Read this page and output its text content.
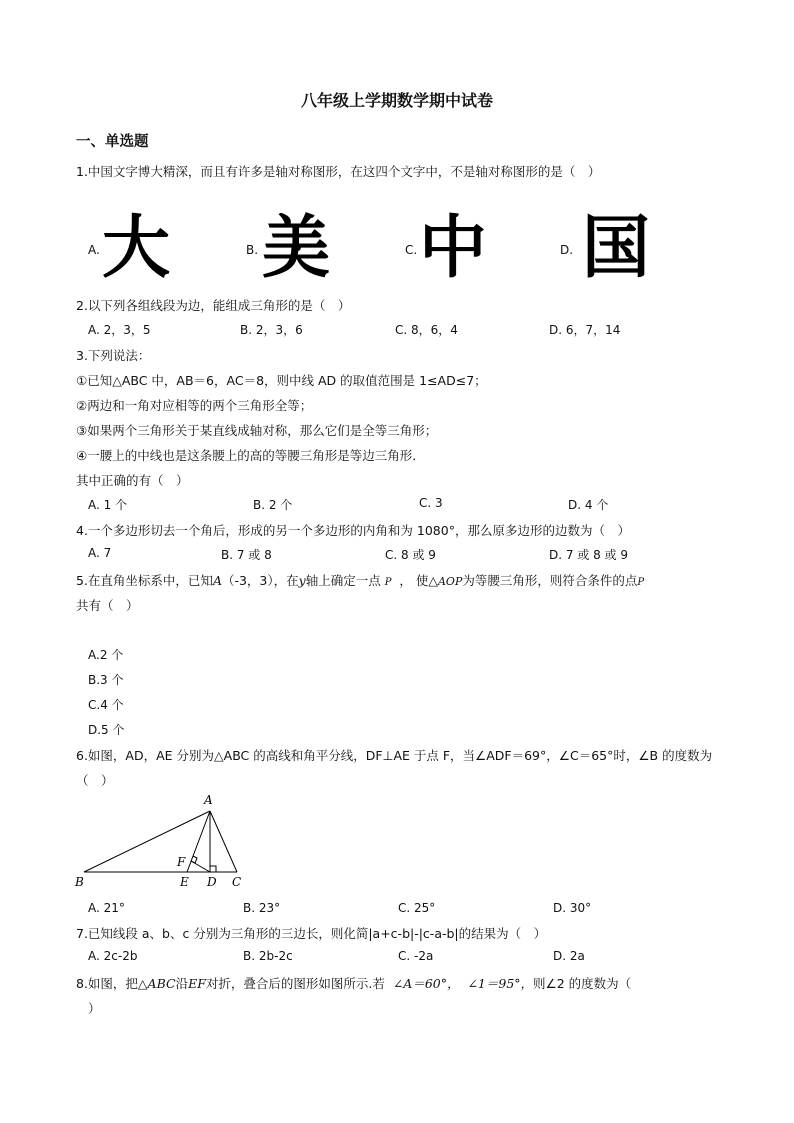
八年级上学期数学期中试卷
一、单选题
1.中国文字博大精深，而且有许多是轴对称图形，在这四个文字中，不是轴对称图形的是（　）
A. 大	B. 美	C. 中	D. 国
2.以下列各组线段为边，能组成三角形的是（　）
A. 2，3，5	B. 2，3，6	C. 8，6，4	D. 6，7，14
3.下列说法：
①已知△ABC 中，AB＝6，AC＝8，则中线 AD 的取值范围是 1≤AD≤7；
②两边和一角对应相等的两个三角形全等；
③如果两个三角形关于某直线成轴对称，那么它们是全等三角形；
④一腰上的中线也是这条腰上的高的等腰三角形是等边三角形．
其中正确的有（　）
A. 1 个	B. 2 个	C. 3	D. 4 个
4.一个多边形切去一个角后，形成的另一个多边形的内角和为 1080°，那么原多边形的边数为（　）
A. 7	B. 7 或 8	C. 8 或 9	D. 7 或 8 或 9
5.在直角坐标系中，已知A（-3，3），在y轴上确定一点 P ， 使△AOP为等腰三角形，则符合条件的点P
共有（　）
A.2 个
B.3 个
C.4 个
D.5 个
6.如图，AD，AE 分别为△ABC 的高线和角平分线，DF⊥AE 于点 F，当∠ADF＝69°，∠C＝65°时，∠B 的度数为
（　）
A
B	E D C
F
A. 21°	B. 23°	C. 25°	D. 30°
7.已知线段 a、b、c 分别为三角形的三边长，则化简|a+c-b|-|c-a-b|的结果为（　）
A. 2c-2b	B. 2b-2c	C. -2a	D. 2a
8.如图，把△ABC沿EF对折，叠合后的图形如图所示.若 ∠A＝60°， ∠1＝95°，则∠2 的度数为（
）
